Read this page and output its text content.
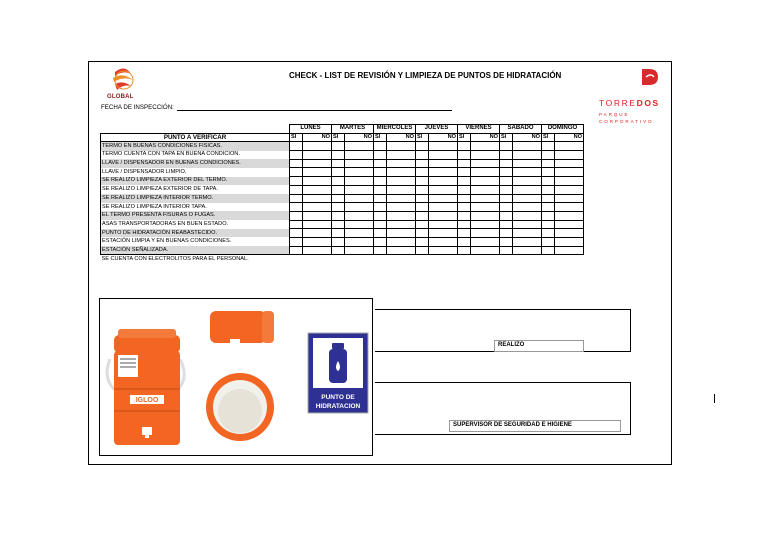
GLOBAL
CHECK - LIST DE REVISIÓN Y LIMPIEZA DE PUNTOS DE HIDRATACIÓN
FECHA DE INSPECCIÓN:	TORREDOS
PARQUE
CORPORATIVO
	LUNES		MARTES		MIERCOLES		JUEVES		VIERNES		SABADO		DOMINGO	
PUNTO A VERIFICAR	SI	NO	SI	NO	SI	NO	SI	NO	SI	NO	SI	NO	SI	NO
TERMO EN BUENAS CONDICIONES FISICAS.														
TERMO CUENTA CON TAPA EN BUENA CONDICIÓN.														
LLAVE / DISPENSADOR EN BUENAS CONDICIONES.														
LLAVE / DISPENSADOR LIMPIO.														
SE REALIZO LIMPIEZA EXTERIOR DEL TERMO.														
SE REALIZO LIMPIEZA EXTERIOR DE TAPA.														
SE REALIZO LIMPIEZA INTERIOR TERMO.														
SE REALIZO LIMPIEZA INTERIOR TAPA.														
EL TERMO PRESENTA FISURAS O FUGAS.														
ASAS TRANSPORTADORAS EN BUEN ESTADO.														
PUNTO DE HIDRATACIÓN REABASTECIDO.														
ESTACIÓN LIMPIA Y EN BUENAS CONDICIONES.														
ESTACIÓN SEÑALIZADA.														
SE CUENTA CON ELECTROLITOS PARA EL PERSONAL.														
IGLOO	PUNTO DE
HIDRATACION
REALIZO
SUPERVISOR DE SEGURIDAD E HIGIENE
